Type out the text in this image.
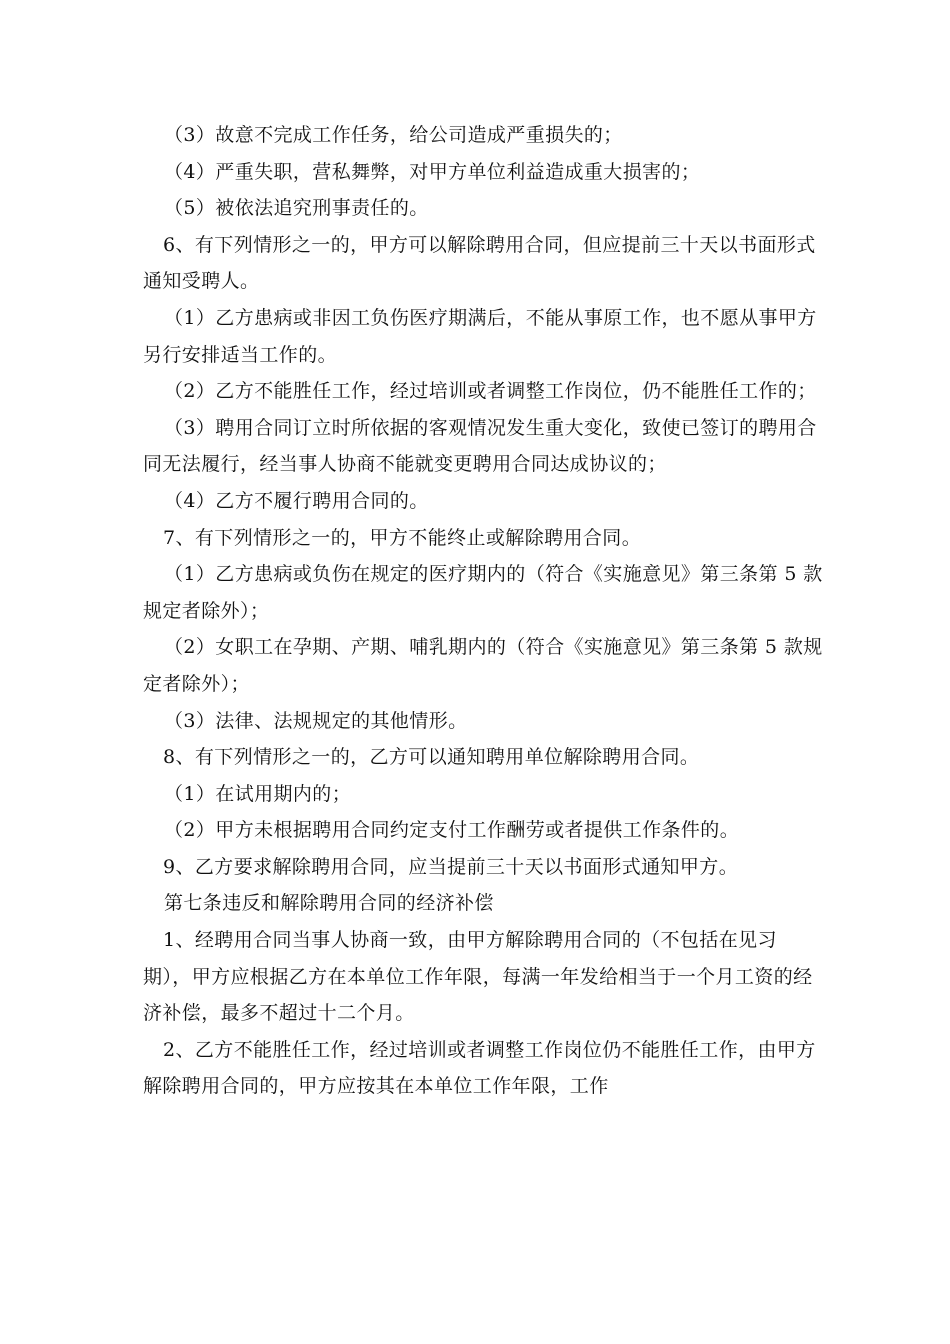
（3）故意不完成工作任务，给公司造成严重损失的；

（4）严重失职，营私舞弊，对甲方单位利益造成重大损害的；

（5）被依法追究刑事责任的。

6、有下列情形之一的，甲方可以解除聘用合同，但应提前三十天以书面形式通知受聘人。

（1）乙方患病或非因工负伤医疗期满后，不能从事原工作，也不愿从事甲方另行安排适当工作的。

（2）乙方不能胜任工作，经过培训或者调整工作岗位，仍不能胜任工作的；

（3）聘用合同订立时所依据的客观情况发生重大变化，致使已签订的聘用合同无法履行，经当事人协商不能就变更聘用合同达成协议的；

（4）乙方不履行聘用合同的。

7、有下列情形之一的，甲方不能终止或解除聘用合同。

（1）乙方患病或负伤在规定的医疗期内的（符合《实施意见》第三条第 5 款规定者除外）；

（2）女职工在孕期、产期、哺乳期内的（符合《实施意见》第三条第 5 款规定者除外）；

（3）法律、法规规定的其他情形。

8、有下列情形之一的，乙方可以通知聘用单位解除聘用合同。

（1）在试用期内的；

（2）甲方未根据聘用合同约定支付工作酬劳或者提供工作条件的。

9、乙方要求解除聘用合同，应当提前三十天以书面形式通知甲方。

第七条违反和解除聘用合同的经济补偿

1、经聘用合同当事人协商一致，由甲方解除聘用合同的（不包括在见习期），甲方应根据乙方在本单位工作年限，每满一年发给相当于一个月工资的经济补偿，最多不超过十二个月。

2、乙方不能胜任工作，经过培训或者调整工作岗位仍不能胜任工作，由甲方解除聘用合同的，甲方应按其在本单位工作年限，工作
